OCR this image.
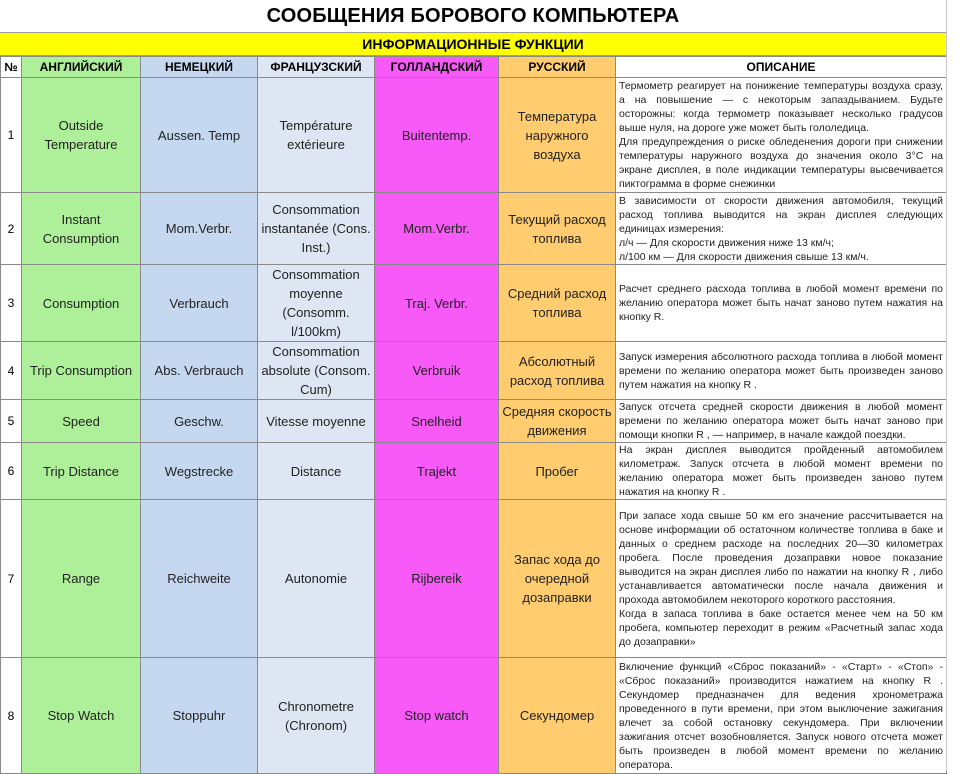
СООБЩЕНИЯ БОРОВОГО КОМПЬЮТЕРА
ИНФОРМАЦИОННЫЕ ФУНКЦИИ
№	АНГЛИЙСКИЙ	НЕМЕЦКИЙ	ФРАНЦУЗСКИЙ	ГОЛЛАНДСКИЙ	РУССКИЙ	ОПИСАНИЕ
1	Outside Temperature	Aussen. Temp	Température extérieure	Buitentemp.	Температура наружного воздуха	Термометр реагирует на понижение температуры воздуха сразу, а на повышение — с некоторым запаздыванием. Будьте осторожны: когда термометр показывает несколько градусов выше нуля, на дороге уже может быть гололедица.

Для предупреждения о риске обледенения дороги при снижении температуры наружного воздуха до значения около 3°C на экране дисплея, в поле индикации температуры высвечивается пиктограмма в форме снежинки

2	Instant Consumption	Mom.Verbr.	Consommation instantanée (Cons. Inst.)	Mom.Verbr.	Текущий расход топлива	В зависимости от скорости движения автомобиля, текущий расход топлива выводится на экран дисплея следующих единицах измерения:

л/ч — Для скорости движения ниже 13 км/ч;

л/100 км — Для скорости движения свыше 13 км/ч.

3	Consumption	Verbrauch	Consommation moyenne (Consomm. l/100km)	Traj. Verbr.	Средний расход топлива	Расчет среднего расхода топлива в любой момент времени по желанию оператора может быть начат заново путем нажатия на кнопку R.

4	Trip Consumption	Abs. Verbrauch	Consommation absolute (Consom. Cum)	Verbruik	Абсолютный расход топлива	Запуск измерения абсолютного расхода топлива в любой момент времени по желанию оператора может быть произведен заново путем нажатия на кнопку R .

5	Speed	Geschw.	Vitesse moyenne	Snelheid	Средняя скорость движения	Запуск отсчета средней скорости движения в любой момент времени по желанию оператора может быть начат заново при помощи кнопки R , — например, в начале каждой поездки.

6	Trip Distance	Wegstrecke	Distance	Trajekt	Пробег	На экран дисплея выводится пройденный автомобилем километраж. Запуск отсчета в любой момент времени по желанию оператора может быть произведен заново путем нажатия на кнопку R .

7	Range	Reichweite	Autonomie	Rijbereik	Запас хода до очередной дозаправки	При запасе хода свыше 50 км его значение рассчитывается на основе информации об остаточном количестве топлива в баке и данных о среднем расходе на последних 20—30 километрах пробега. После проведения дозаправки новое показание выводится на экран дисплея либо по нажатии на кнопку R , либо устанавливается автоматически после начала движения и прохода автомобилем некоторого короткого расстояния.

Когда в запаса топлива в баке остается менее чем на 50 км пробега, компьютер переходит в режим «Расчетный запас хода до дозаправки»

8	Stop Watch	Stoppuhr	Chronometre (Chronom)	Stop watch	Секундомер	Включение функций «Сброс показаний» - «Старт» - «Стоп» - «Сброс показаний» производится нажатием на кнопку R . Секундомер предназначен для ведения хронометража проведенного в пути времени, при этом выключение зажигания влечет за собой остановку секундомера. При включении зажигания отсчет возобновляется. Запуск нового отсчета может быть произведен в любой момент времени по желанию оператора.
